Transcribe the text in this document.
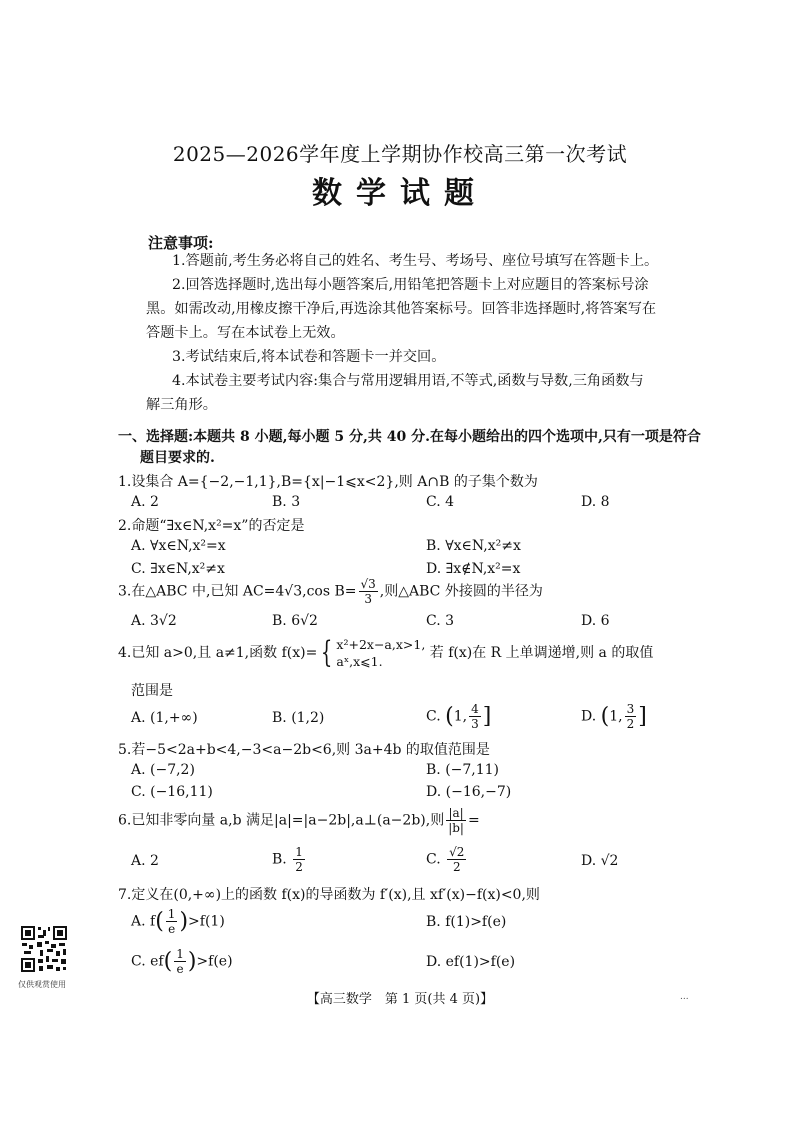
2025—2026学年度上学期协作校高三第一次考试
数学试题
注意事项:
1.答题前,考生务必将自己的姓名、考生号、考场号、座位号填写在答题卡上。
2.回答选择题时,选出每小题答案后,用铅笔把答题卡上对应题目的答案标号涂
黑。如需改动,用橡皮擦干净后,再选涂其他答案标号。回答非选择题时,将答案写在
答题卡上。写在本试卷上无效。
3.考试结束后,将本试卷和答题卡一并交回。
4.本试卷主要考试内容:集合与常用逻辑用语,不等式,函数与导数,三角函数与
解三角形。
一、选择题:本题共 8 小题,每小题 5 分,共 40 分.在每小题给出的四个选项中,只有一项是符合
题目要求的.
1.设集合 A={−2,−1,1},B={x|−1⩽x<2},则 A∩B 的子集个数为
A. 2	B. 3	C. 4	D. 8
2.命题“∃x∈N,x²=x”的否定是
A. ∀x∈N,x²=x	B. ∀x∈N,x²≠x
C. ∃x∈N,x²≠x	D. ∃x∉N,x²=x
3.在△ABC 中,已知 AC=4√3,cos $B= \frac{√3}{3}$ ,则△ABC 外接圆的半径为
A. 3√2	B. 6√2	C. 3	D. 6
4.已知 a>0,且 a≠1,函数 f(x)= { x²+2x−a,x>1,
aˣ,x⩽1.
若 f(x)在 R 上单调递增,则 a 的取值
范围是
A. (1,+∞)	B. (1,2)	C. (1, $\frac{4}{3}$ ]	D. (1, $\frac{3}{2}$ ]
5.若−5<2a+b<4,−3<a−2b<6,则 3a+4b 的取值范围是
A. (−7,2)	B. (−7,11)
C. (−16,11)	D. (−16,−7)
6.已知非零向量 a,b 满足|a|=|a−2b|,a⊥(a−2b),则 $\frac{|a|}{|b|}$ =
A. 2	B. $\frac{1}{2}$	C. $\frac{√2}{2}$	D. √2
7.定义在(0,+∞)上的函数 f(x)的导函数为 f′(x),且 xf′(x)−f(x)<0,则
A. $f( \frac{1}{e} )>f(1)$	B. f(1)>f(e)
C. $ef( \frac{1}{e} )>f(e)$	D. ef(1)>f(e)
仅供观赏使用
【高三数学　第 1 页(共 4 页)】	...
